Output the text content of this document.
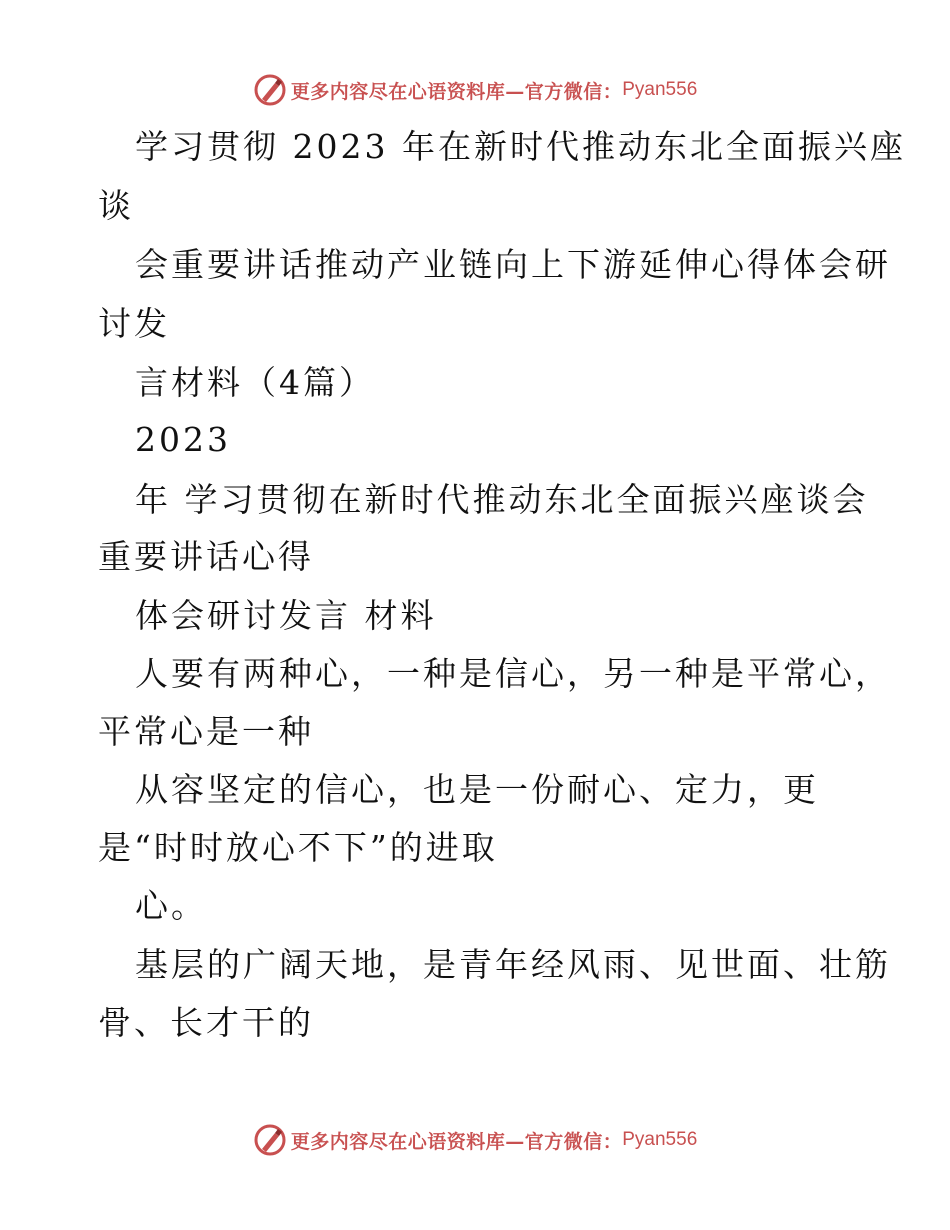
更多内容尽在心语资料库—官方微信： Pyan556
学习贯彻 2023 年在新时代推动东北全面振兴座
谈
会重要讲话推动产业链向上下游延伸心得体会研
讨发
言材料（4篇）
2023
年 学习贯彻在新时代推动东北全面振兴座谈会
重要讲话心得
体会研讨发言 材料
人要有两种心，一种是信心，另一种是平常心，
平常心是一种
从容坚定的信心，也是一份耐心、定力，更
是“时时放心不下”的进取
心。
基层的广阔天地，是青年经风雨、见世面、壮筋
骨、长才干的
更多内容尽在心语资料库—官方微信： Pyan556
